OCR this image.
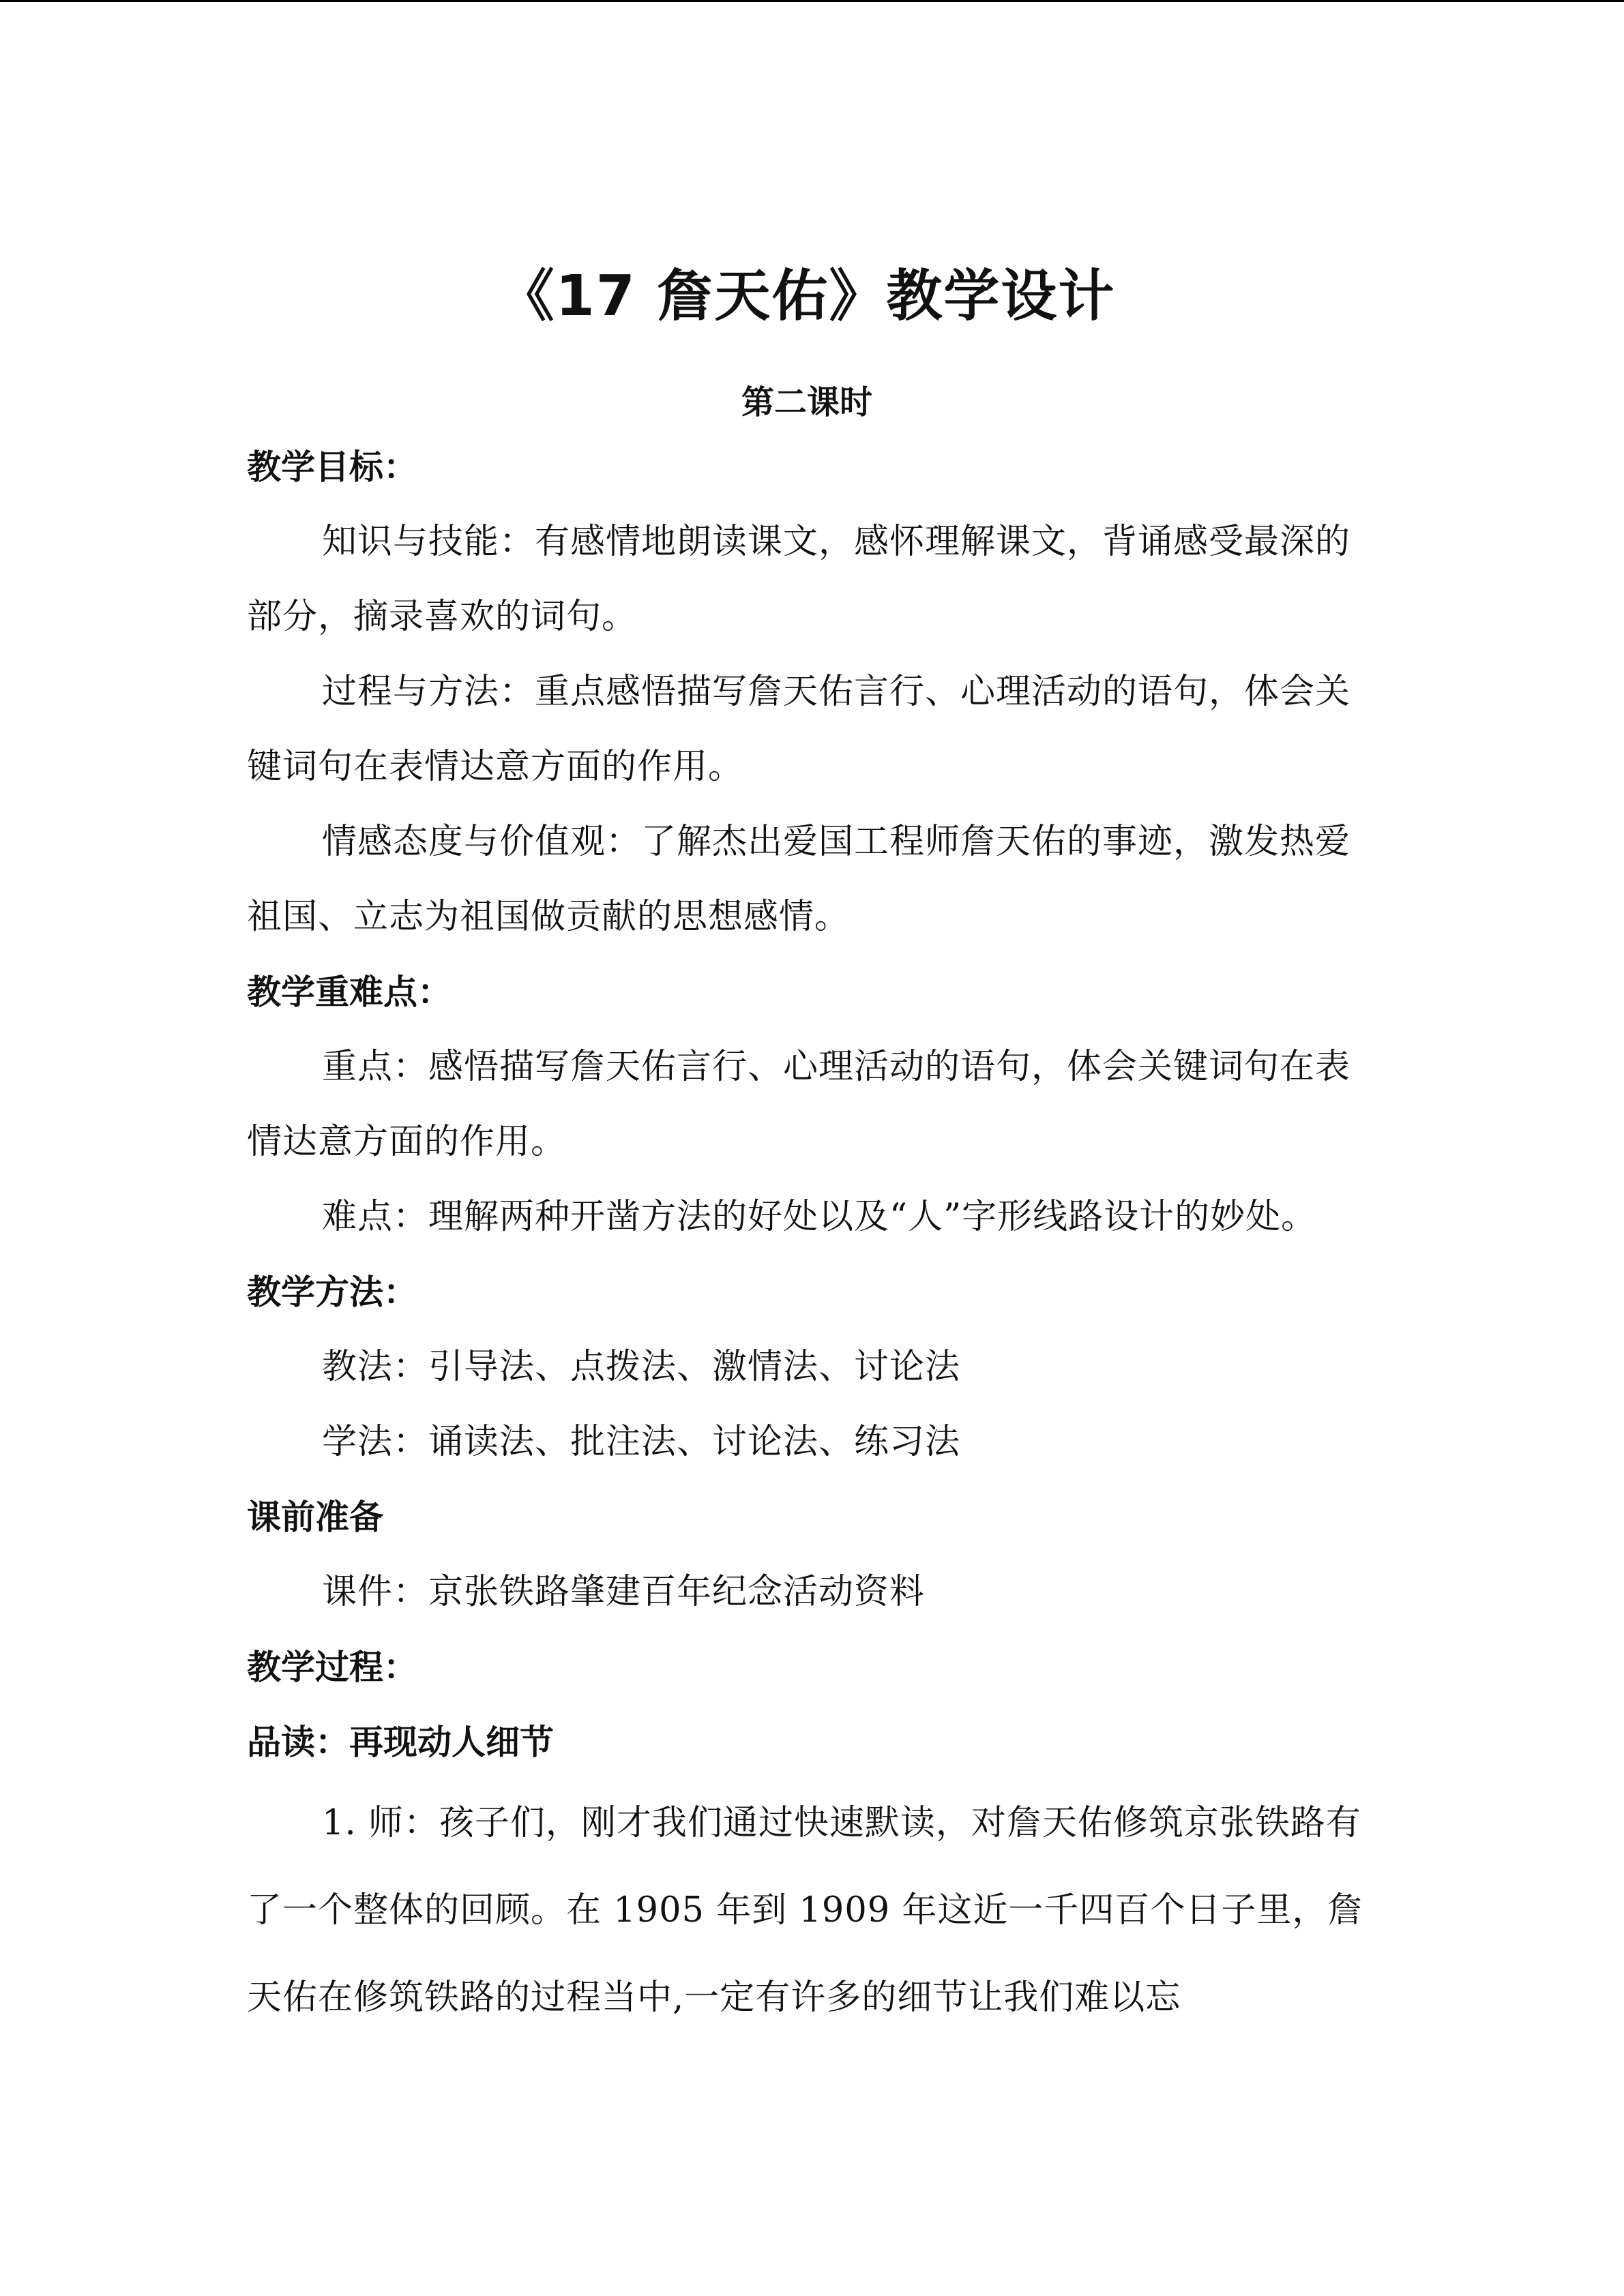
《17 詹天佑》教学设计

第二课时

教学目标：

知识与技能：有感情地朗读课文，感怀理解课文，背诵感受最深的部分，摘录喜欢的词句。

过程与方法：重点感悟描写詹天佑言行、心理活动的语句，体会关键词句在表情达意方面的作用。

情感态度与价值观：了解杰出爱国工程师詹天佑的事迹，激发热爱祖国、立志为祖国做贡献的思想感情。

教学重难点：

重点：感悟描写詹天佑言行、心理活动的语句，体会关键词句在表情达意方面的作用。

难点：理解两种开凿方法的好处以及“人”字形线路设计的妙处。

教学方法：

教法：引导法、点拨法、激情法、讨论法

学法：诵读法、批注法、讨论法、练习法

课前准备

课件：京张铁路肇建百年纪念活动资料

教学过程：

品读：再现动人细节

1. 师：孩子们，刚才我们通过快速默读，对詹天佑修筑京张铁路有了一个整体的回顾。在 1905 年到 1909 年这近一千四百个日子里，詹天佑在修筑铁路的过程当中,一定有许多的细节让我们难以忘
